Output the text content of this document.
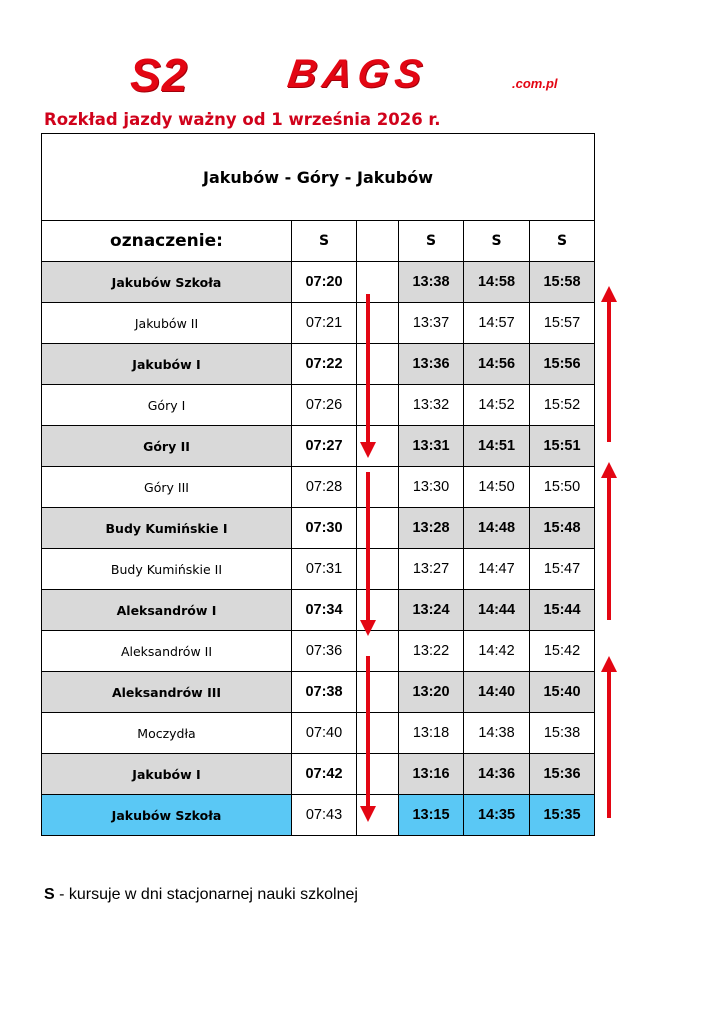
S2 BAGS	.com.pl
Rozkład jazdy ważny od 1 września 2026 r.
Jakubów - Góry - Jakubów					
oznaczenie:	S		S	S	S
Jakubów Szkoła	07:20		13:38	14:58	15:58
Jakubów II	07:21		13:37	14:57	15:57
Jakubów I	07:22		13:36	14:56	15:56
Góry I	07:26		13:32	14:52	15:52
Góry II	07:27		13:31	14:51	15:51
Góry III	07:28		13:30	14:50	15:50
Budy Kumińskie I	07:30		13:28	14:48	15:48
Budy Kumińskie II	07:31		13:27	14:47	15:47
Aleksandrów I	07:34		13:24	14:44	15:44
Aleksandrów II	07:36		13:22	14:42	15:42
Aleksandrów III	07:38		13:20	14:40	15:40
Moczydła	07:40		13:18	14:38	15:38
Jakubów I	07:42		13:16	14:36	15:36
Jakubów Szkoła	07:43		13:15	14:35	15:35
S - kursuje w dni stacjonarnej nauki szkolnej
